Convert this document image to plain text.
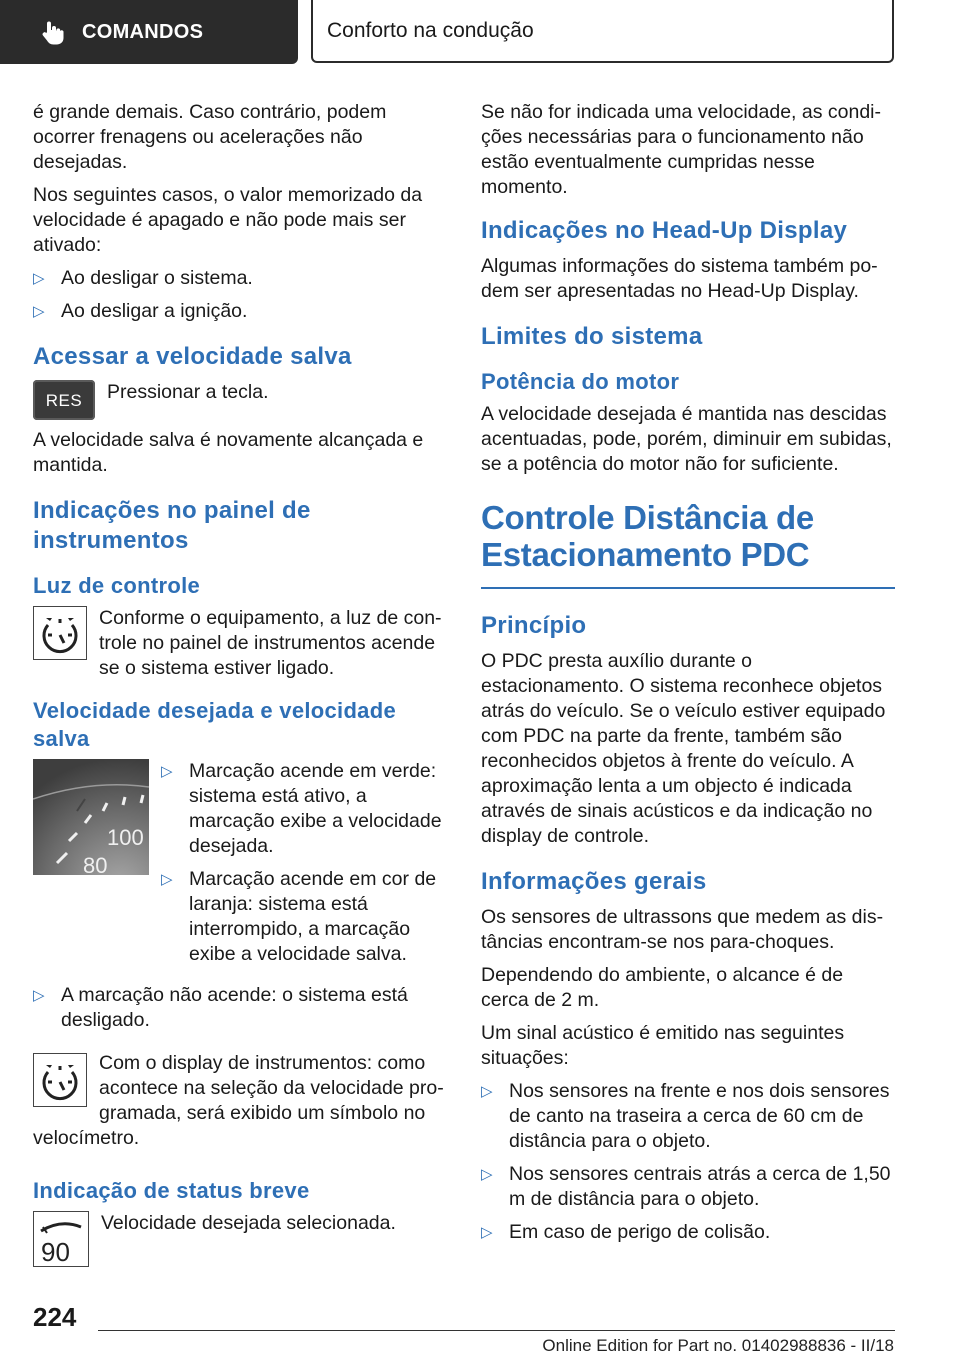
COMANDOS	Conforto na condução

é grande demais. Caso contrário, podem ocorrer frenagens ou acelerações não desejadas.

Nos seguintes casos, o valor memorizado da velocidade é apagado e não pode mais ser ativado:

▷ Ao desligar o sistema.
▷ Ao desligar a ignição.
Acessar a velocidade salva
RES Pressionar a tecla.

A velocidade salva é novamente alcançada e mantida.

Indicações no painel de instrumentos
Luz de controle
Conforme o equipamento, a luz de controle no painel de instrumentos acende se o sistema estiver ligado.
Velocidade desejada e velocidade salva
100
80
▷ Marcação acende em verde: sistema está ativo, a marcação exibe a velocidade desejada.
▷ Marcação acende em cor de laranja: sistema está interrompido, a marcação exibe a velocidade salva.
▷ A marcação não acende: o sistema está desligado.
Com o display de instrumentos: como acontece na seleção da velocidade programada, será exibido um símbolo no velocímetro.
Indicação de status breve
90
Velocidade desejada selecionada.

Se não for indicada uma velocidade, as condições necessárias para o funcionamento não estão eventualmente cumpridas nesse momento.

Indicações no Head-Up Display

Algumas informações do sistema também podem ser apresentadas no Head-Up Display.

Limites do sistema
Potência do motor

A velocidade desejada é mantida nas descidas acentuadas, pode, porém, diminuir em subidas, se a potência do motor não for suficiente.

Controle Distância de Estacionamento PDC
Princípio

O PDC presta auxílio durante o estacionamento. O sistema reconhece objetos atrás do veículo. Se o veículo estiver equipado com PDC na parte da frente, também são reconhecidos objetos à frente do veículo. A aproximação lenta a um objecto é indicada através de sinais acústicos e da indicação no display de controle.

Informações gerais

Os sensores de ultrassons que medem as distâncias encontram-se nos para-choques.

Dependendo do ambiente, o alcance é de cerca de 2 m.

Um sinal acústico é emitido nas seguintes situações:

▷ Nos sensores na frente e nos dois sensores de canto na traseira a cerca de 60 cm de distância para o objeto.
▷ Nos sensores centrais atrás a cerca de 1,50 m de distância para o objeto.
▷ Em caso de perigo de colisão.
224
Online Edition for Part no. 01402988836 - II/18
